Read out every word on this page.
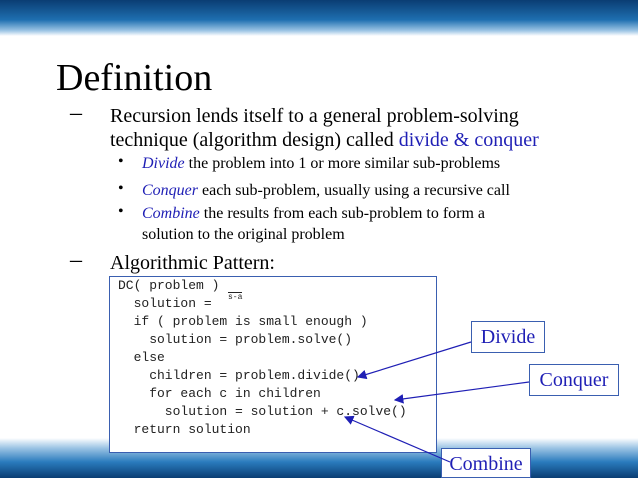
Definition
– Recursion lends itself to a general problem-solving
technique (algorithm design) called divide & conquer
• Divide the problem into 1 or more similar sub-problems
• Conquer each sub-problem, usually using a recursive call
• Combine the results from each sub-problem to form a
solution to the original problem
– Algorithmic Pattern:
DC( problem )
solution = s-a
if ( problem is small enough )
solution = problem.solve()
else
children = problem.divide()
for each c in children
solution = solution + c.solve()
return solution
Divide
Conquer
Combine
